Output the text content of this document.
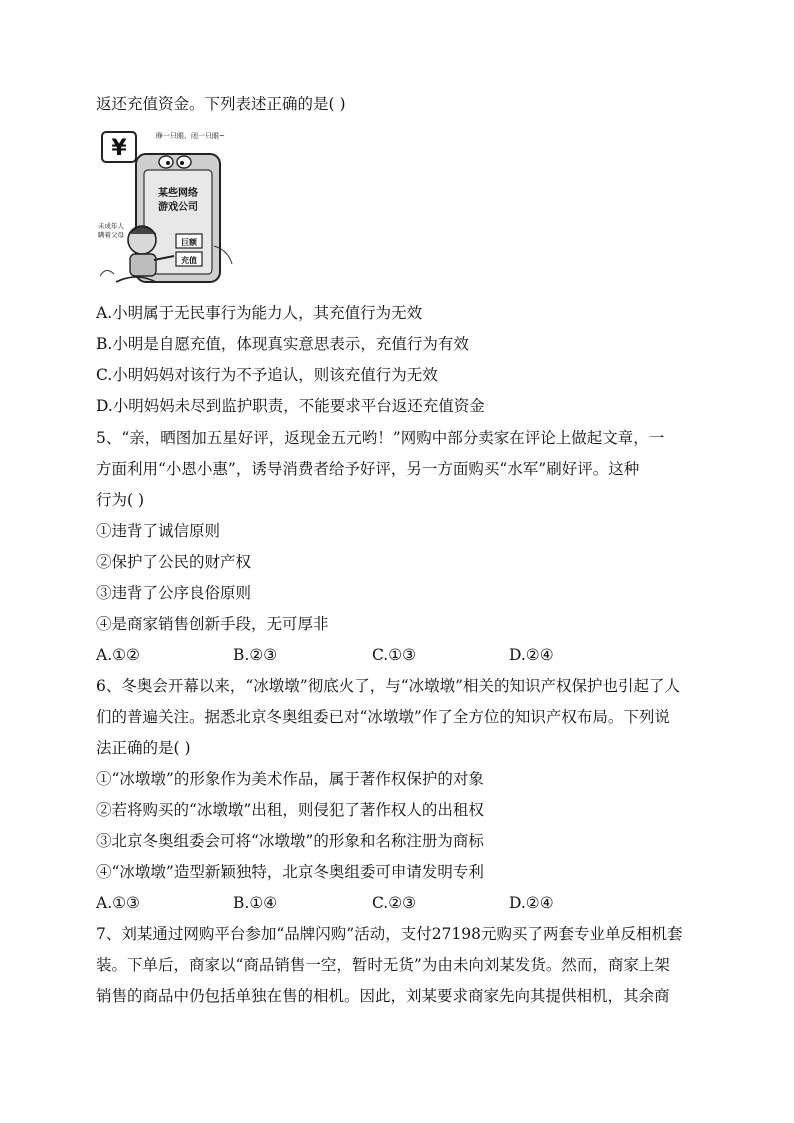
返还充值资金。下列表述正确的是( )
¥	睁一只眼、闭一只眼~
某些网络
游戏公司
巨额
充值
未成年人
瞒着父母
A.小明属于无民事行为能力人，其充值行为无效
B.小明是自愿充值，体现真实意思表示，充值行为有效
C.小明妈妈对该行为不予追认，则该充值行为无效
D.小明妈妈未尽到监护职责，不能要求平台返还充值资金
5、“亲，晒图加五星好评，返现金五元哟！”网购中部分卖家在评论上做起文章，一
方面利用“小恩小惠”，诱导消费者给予好评，另一方面购买“水军”刷好评。这种
行为( )
①违背了诚信原则
②保护了公民的财产权
③违背了公序良俗原则
④是商家销售创新手段，无可厚非
A.①②	B.②③	C.①③	D.②④
6、冬奥会开幕以来，“冰墩墩”彻底火了，与“冰墩墩”相关的知识产权保护也引起了人
们的普遍关注。据悉北京冬奥组委已对“冰墩墩”作了全方位的知识产权布局。下列说
法正确的是( )
①“冰墩墩”的形象作为美术作品，属于著作权保护的对象
②若将购买的“冰墩墩”出租，则侵犯了著作权人的出租权
③北京冬奥组委会可将“冰墩墩”的形象和名称注册为商标
④“冰墩墩”造型新颖独特，北京冬奥组委可申请发明专利
A.①③	B.①④	C.②③	D.②④
7、刘某通过网购平台参加“品牌闪购”活动，支付27198元购买了两套专业单反相机套
装。下单后，商家以“商品销售一空，暂时无货”为由未向刘某发货。然而，商家上架
销售的商品中仍包括单独在售的相机。因此，刘某要求商家先向其提供相机，其余商
